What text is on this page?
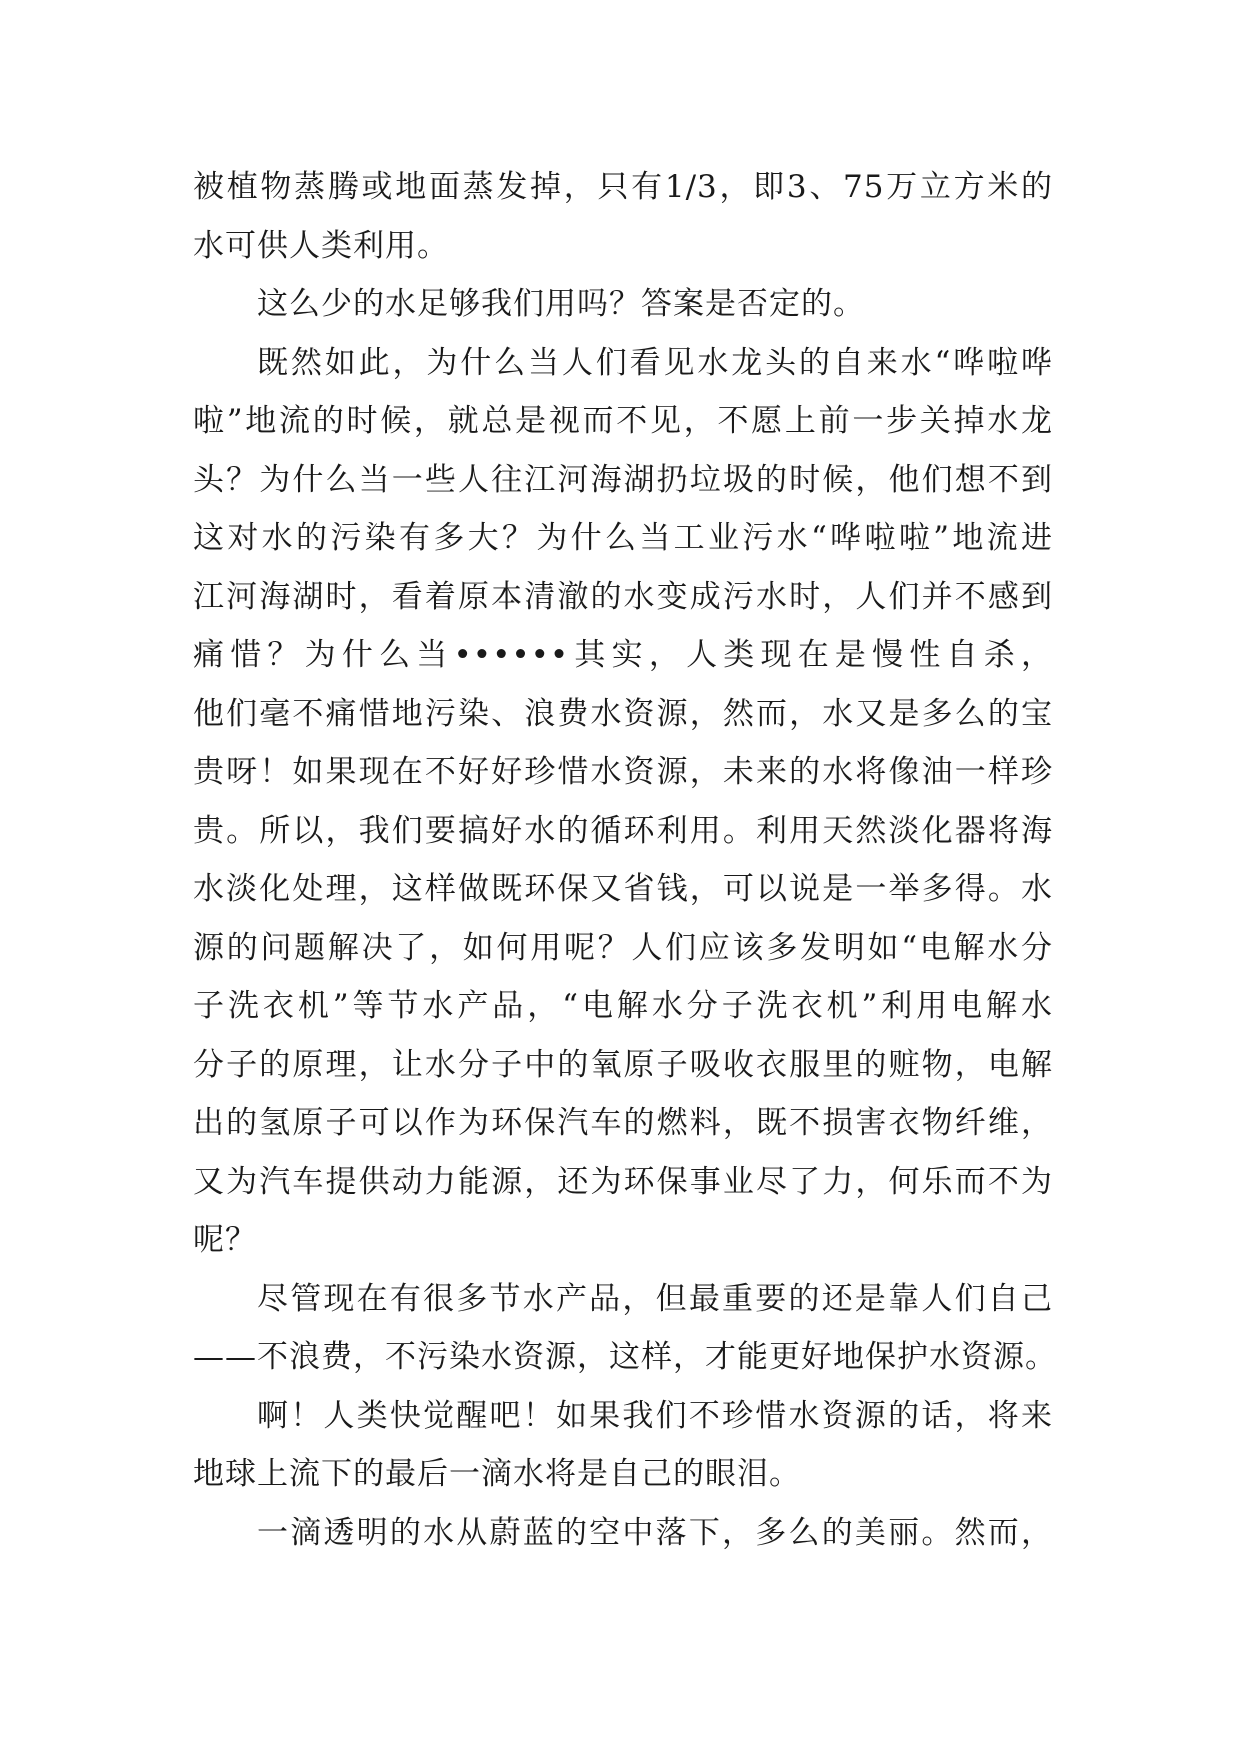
被植物蒸腾或地面蒸发掉，只有1/3，即3、75万立方米的
水可供人类利用。
这么少的水足够我们用吗？答案是否定的。
既然如此，为什么当人们看见水龙头的自来水“哗啦哗
啦”地流的时候，就总是视而不见，不愿上前一步关掉水龙
头？为什么当一些人往江河海湖扔垃圾的时候，他们想不到
这对水的污染有多大？为什么当工业污水“哗啦啦”地流进
江河海湖时，看着原本清澈的水变成污水时，人们并不感到
痛惜？为什么当••••••其实，人类现在是慢性自杀，
他们毫不痛惜地污染、浪费水资源，然而，水又是多么的宝
贵呀！如果现在不好好珍惜水资源，未来的水将像油一样珍
贵。所以，我们要搞好水的循环利用。利用天然淡化器将海
水淡化处理，这样做既环保又省钱，可以说是一举多得。水
源的问题解决了，如何用呢？人们应该多发明如“电解水分
子洗衣机”等节水产品，“电解水分子洗衣机”利用电解水
分子的原理，让水分子中的氧原子吸收衣服里的赃物，电解
出的氢原子可以作为环保汽车的燃料，既不损害衣物纤维，
又为汽车提供动力能源，还为环保事业尽了力，何乐而不为
呢？
尽管现在有很多节水产品，但最重要的还是靠人们自己
——不浪费，不污染水资源，这样，才能更好地保护水资源。
啊！人类快觉醒吧！如果我们不珍惜水资源的话，将来
地球上流下的最后一滴水将是自己的眼泪。
一滴透明的水从蔚蓝的空中落下，多么的美丽。然而，
